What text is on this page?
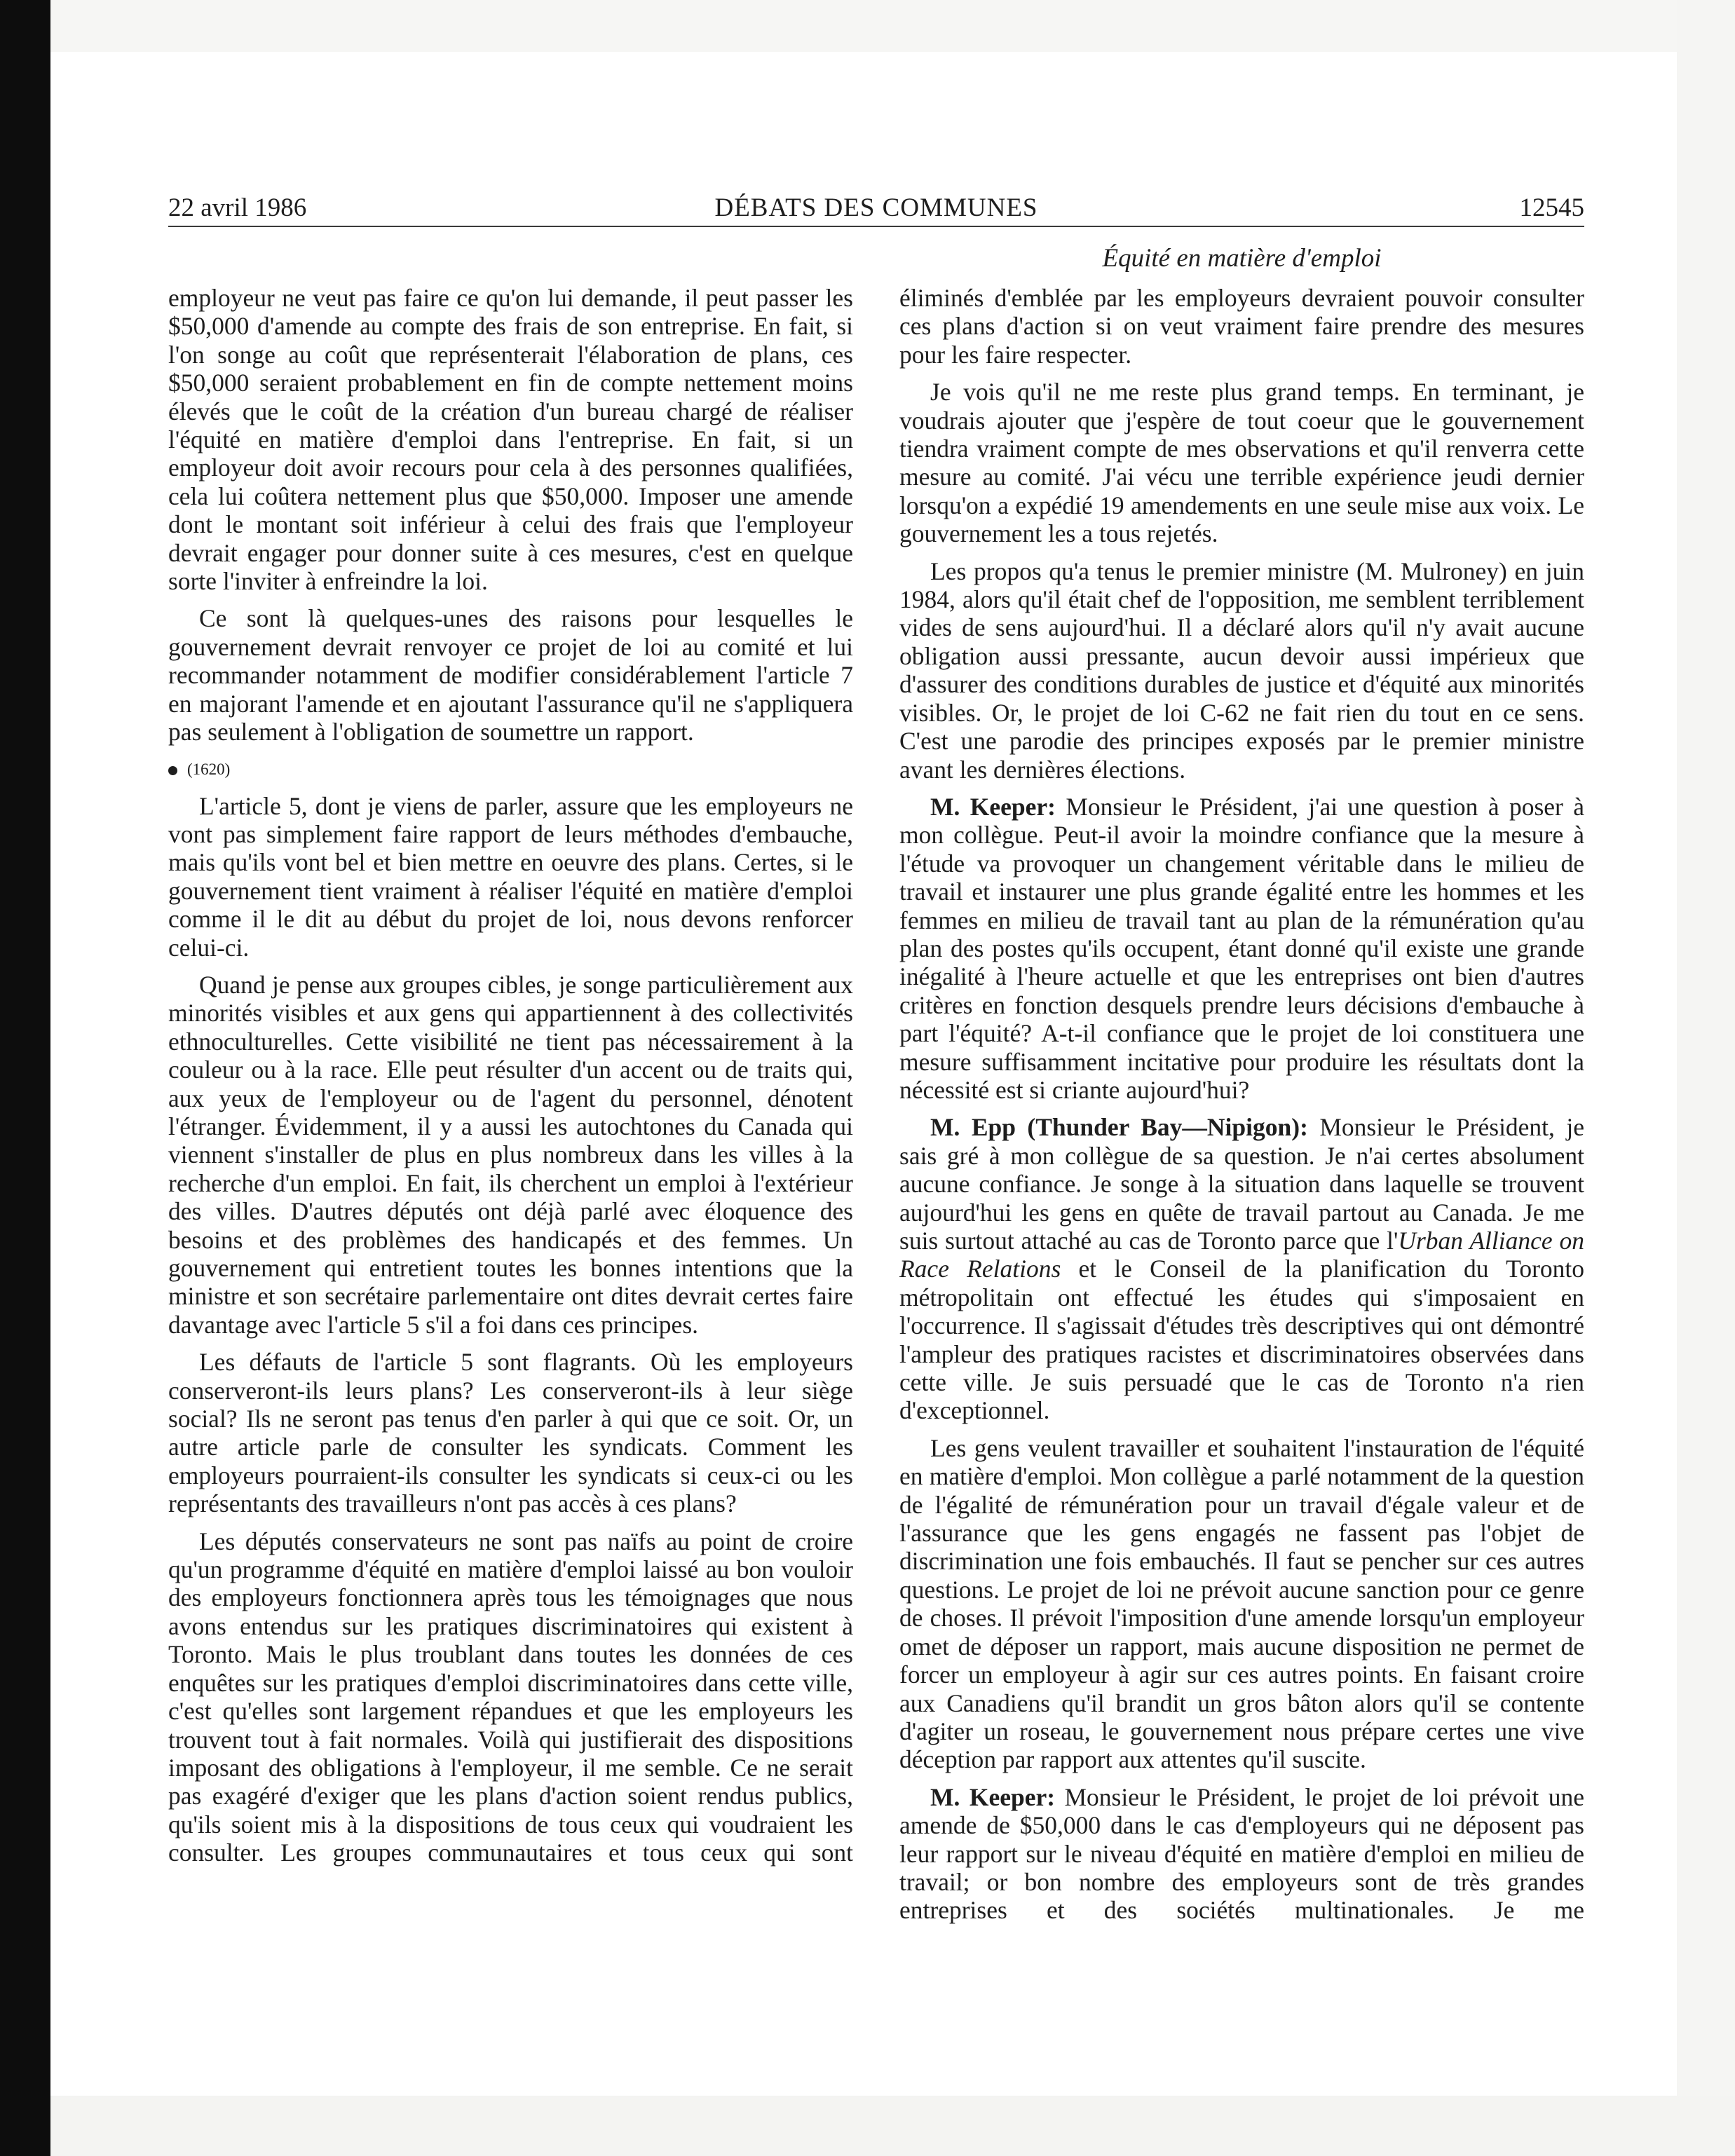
22 avril 1986	DÉBATS DES COMMUNES	12545
Équité en matière d'emploi

employeur ne veut pas faire ce qu'on lui demande, il peut passer les $50,000 d'amende au compte des frais de son entreprise. En fait, si l'on songe au coût que représenterait l'élaboration de plans, ces $50,000 seraient probablement en fin de compte nettement moins élevés que le coût de la création d'un bureau chargé de réaliser l'équité en matière d'emploi dans l'entreprise. En fait, si un employeur doit avoir recours pour cela à des personnes qualifiées, cela lui coûtera nettement plus que $50,000. Imposer une amende dont le montant soit inférieur à celui des frais que l'employeur devrait engager pour donner suite à ces mesures, c'est en quelque sorte l'inviter à enfreindre la loi.

Ce sont là quelques-unes des raisons pour lesquelles le gouvernement devrait renvoyer ce projet de loi au comité et lui recommander notamment de modifier considérablement l'article 7 en majorant l'amende et en ajoutant l'assurance qu'il ne s'appliquera pas seulement à l'obligation de soumettre un rapport.

(1620)

L'article 5, dont je viens de parler, assure que les employeurs ne vont pas simplement faire rapport de leurs méthodes d'embauche, mais qu'ils vont bel et bien mettre en oeuvre des plans. Certes, si le gouvernement tient vraiment à réaliser l'équité en matière d'emploi comme il le dit au début du projet de loi, nous devons renforcer celui-ci.

Quand je pense aux groupes cibles, je songe particulièrement aux minorités visibles et aux gens qui appartiennent à des collectivités ethnoculturelles. Cette visibilité ne tient pas nécessairement à la couleur ou à la race. Elle peut résulter d'un accent ou de traits qui, aux yeux de l'employeur ou de l'agent du personnel, dénotent l'étranger. Évidemment, il y a aussi les autochtones du Canada qui viennent s'installer de plus en plus nombreux dans les villes à la recherche d'un emploi. En fait, ils cherchent un emploi à l'extérieur des villes. D'autres députés ont déjà parlé avec éloquence des besoins et des problèmes des handicapés et des femmes. Un gouvernement qui entretient toutes les bonnes intentions que la ministre et son secrétaire parlementaire ont dites devrait certes faire davantage avec l'article 5 s'il a foi dans ces principes.

Les défauts de l'article 5 sont flagrants. Où les employeurs conserveront-ils leurs plans? Les conserveront-ils à leur siège social? Ils ne seront pas tenus d'en parler à qui que ce soit. Or, un autre article parle de consulter les syndicats. Comment les employeurs pourraient-ils consulter les syndicats si ceux-ci ou les représentants des travailleurs n'ont pas accès à ces plans?

Les députés conservateurs ne sont pas naïfs au point de croire qu'un programme d'équité en matière d'emploi laissé au bon vouloir des employeurs fonctionnera après tous les témoignages que nous avons entendus sur les pratiques discriminatoires qui existent à Toronto. Mais le plus troublant dans toutes les données de ces enquêtes sur les pratiques d'emploi discriminatoires dans cette ville, c'est qu'elles sont largement répandues et que les employeurs les trouvent tout à fait normales. Voilà qui justifierait des dispositions imposant des obligations à l'employeur, il me semble. Ce ne serait pas exagéré d'exiger que les plans d'action soient rendus publics, qu'ils soient mis à la dispositions de tous ceux qui voudraient les consulter. Les groupes communautaires et tous ceux qui sont

éliminés d'emblée par les employeurs devraient pouvoir consulter ces plans d'action si on veut vraiment faire prendre des mesures pour les faire respecter.

Je vois qu'il ne me reste plus grand temps. En terminant, je voudrais ajouter que j'espère de tout coeur que le gouvernement tiendra vraiment compte de mes observations et qu'il renverra cette mesure au comité. J'ai vécu une terrible expérience jeudi dernier lorsqu'on a expédié 19 amendements en une seule mise aux voix. Le gouvernement les a tous rejetés.

Les propos qu'a tenus le premier ministre (M. Mulroney) en juin 1984, alors qu'il était chef de l'opposition, me semblent terriblement vides de sens aujourd'hui. Il a déclaré alors qu'il n'y avait aucune obligation aussi pressante, aucun devoir aussi impérieux que d'assurer des conditions durables de justice et d'équité aux minorités visibles. Or, le projet de loi C-62 ne fait rien du tout en ce sens. C'est une parodie des principes exposés par le premier ministre avant les dernières élections.

M. Keeper: Monsieur le Président, j'ai une question à poser à mon collègue. Peut-il avoir la moindre confiance que la mesure à l'étude va provoquer un changement véritable dans le milieu de travail et instaurer une plus grande égalité entre les hommes et les femmes en milieu de travail tant au plan de la rémunération qu'au plan des postes qu'ils occupent, étant donné qu'il existe une grande inégalité à l'heure actuelle et que les entreprises ont bien d'autres critères en fonction desquels prendre leurs décisions d'embauche à part l'équité? A-t-il confiance que le projet de loi constituera une mesure suffisamment incitative pour produire les résultats dont la nécessité est si criante aujourd'hui?

M. Epp (Thunder Bay—Nipigon): Monsieur le Président, je sais gré à mon collègue de sa question. Je n'ai certes absolument aucune confiance. Je songe à la situation dans laquelle se trouvent aujourd'hui les gens en quête de travail partout au Canada. Je me suis surtout attaché au cas de Toronto parce que l'Urban Alliance on Race Relations et le Conseil de la planification du Toronto métropolitain ont effectué les études qui s'imposaient en l'occurrence. Il s'agissait d'études très descriptives qui ont démontré l'ampleur des pratiques racistes et discriminatoires observées dans cette ville. Je suis persuadé que le cas de Toronto n'a rien d'exceptionnel.

Les gens veulent travailler et souhaitent l'instauration de l'équité en matière d'emploi. Mon collègue a parlé notamment de la question de l'égalité de rémunération pour un travail d'égale valeur et de l'assurance que les gens engagés ne fassent pas l'objet de discrimination une fois embauchés. Il faut se pencher sur ces autres questions. Le projet de loi ne prévoit aucune sanction pour ce genre de choses. Il prévoit l'imposition d'une amende lorsqu'un employeur omet de déposer un rapport, mais aucune disposition ne permet de forcer un employeur à agir sur ces autres points. En faisant croire aux Canadiens qu'il brandit un gros bâton alors qu'il se contente d'agiter un roseau, le gouvernement nous prépare certes une vive déception par rapport aux attentes qu'il suscite.

M. Keeper: Monsieur le Président, le projet de loi prévoit une amende de $50,000 dans le cas d'employeurs qui ne déposent pas leur rapport sur le niveau d'équité en matière d'emploi en milieu de travail; or bon nombre des employeurs sont de très grandes entreprises et des sociétés multinationales. Je me
